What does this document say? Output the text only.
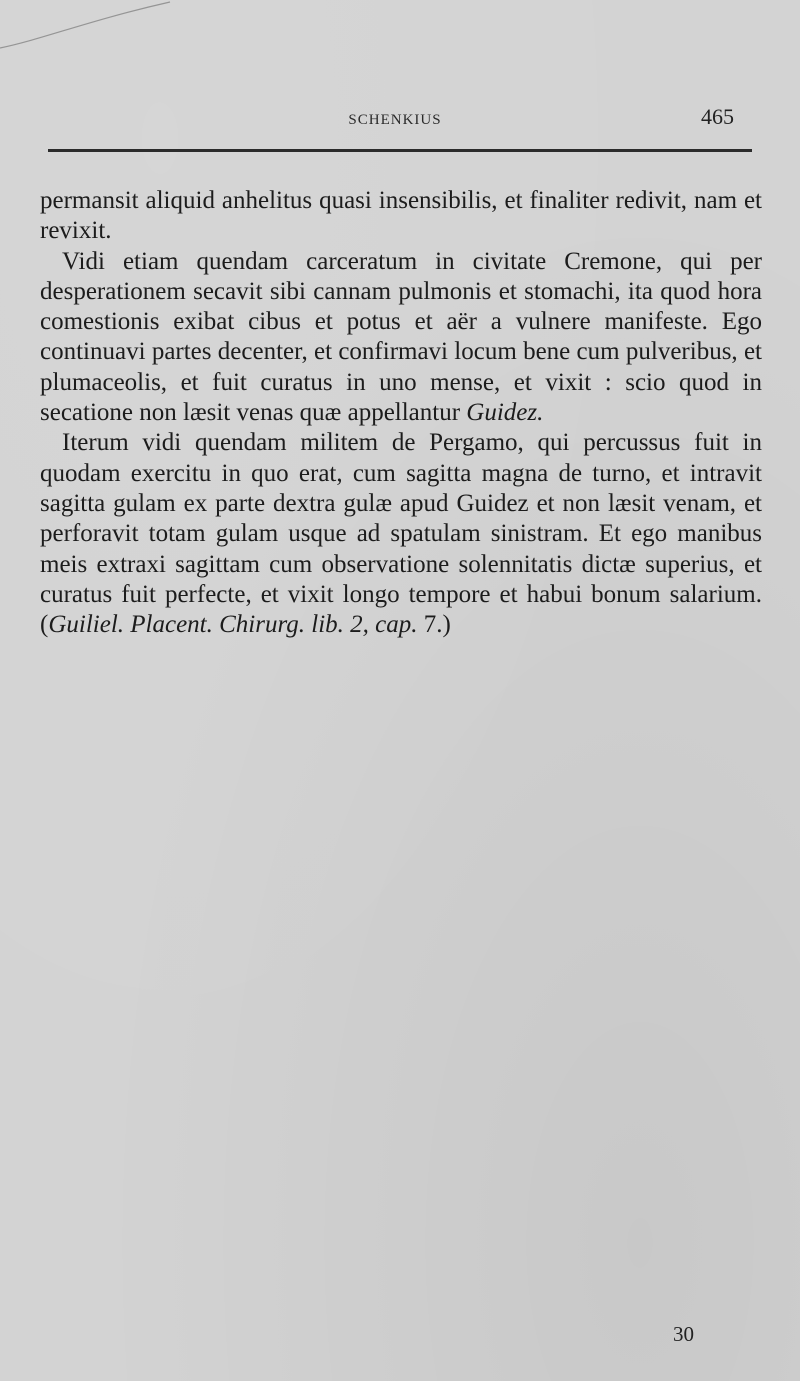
SCHENKIUS	465

permansit aliquid anhelitus quasi insensibilis, et finaliter redivit, nam et revixit.

Vidi etiam quendam carceratum in civitate Cremone, qui per desperationem secavit sibi cannam pulmonis et stomachi, ita quod hora comestionis exibat cibus et potus et aër a vulnere manifeste. Ego continuavi partes decenter, et confirmavi locum bene cum pulveribus, et plumaceolis, et fuit curatus in uno mense, et vixit : scio quod in secatione non læsit venas quæ appellantur Guidez.

Iterum vidi quendam militem de Pergamo, qui percussus fuit in quodam exercitu in quo erat, cum sagitta magna de turno, et intravit sagitta gulam ex parte dextra gulæ apud Guidez et non læsit venam, et perforavit totam gulam usque ad spatulam sinistram. Et ego manibus meis extraxi sagittam cum observatione solennitatis dictæ superius, et curatus fuit perfecte, et vixit longo tempore et habui bonum salarium. (Guiliel. Placent. Chirurg. lib. 2, cap. 7.)

30
